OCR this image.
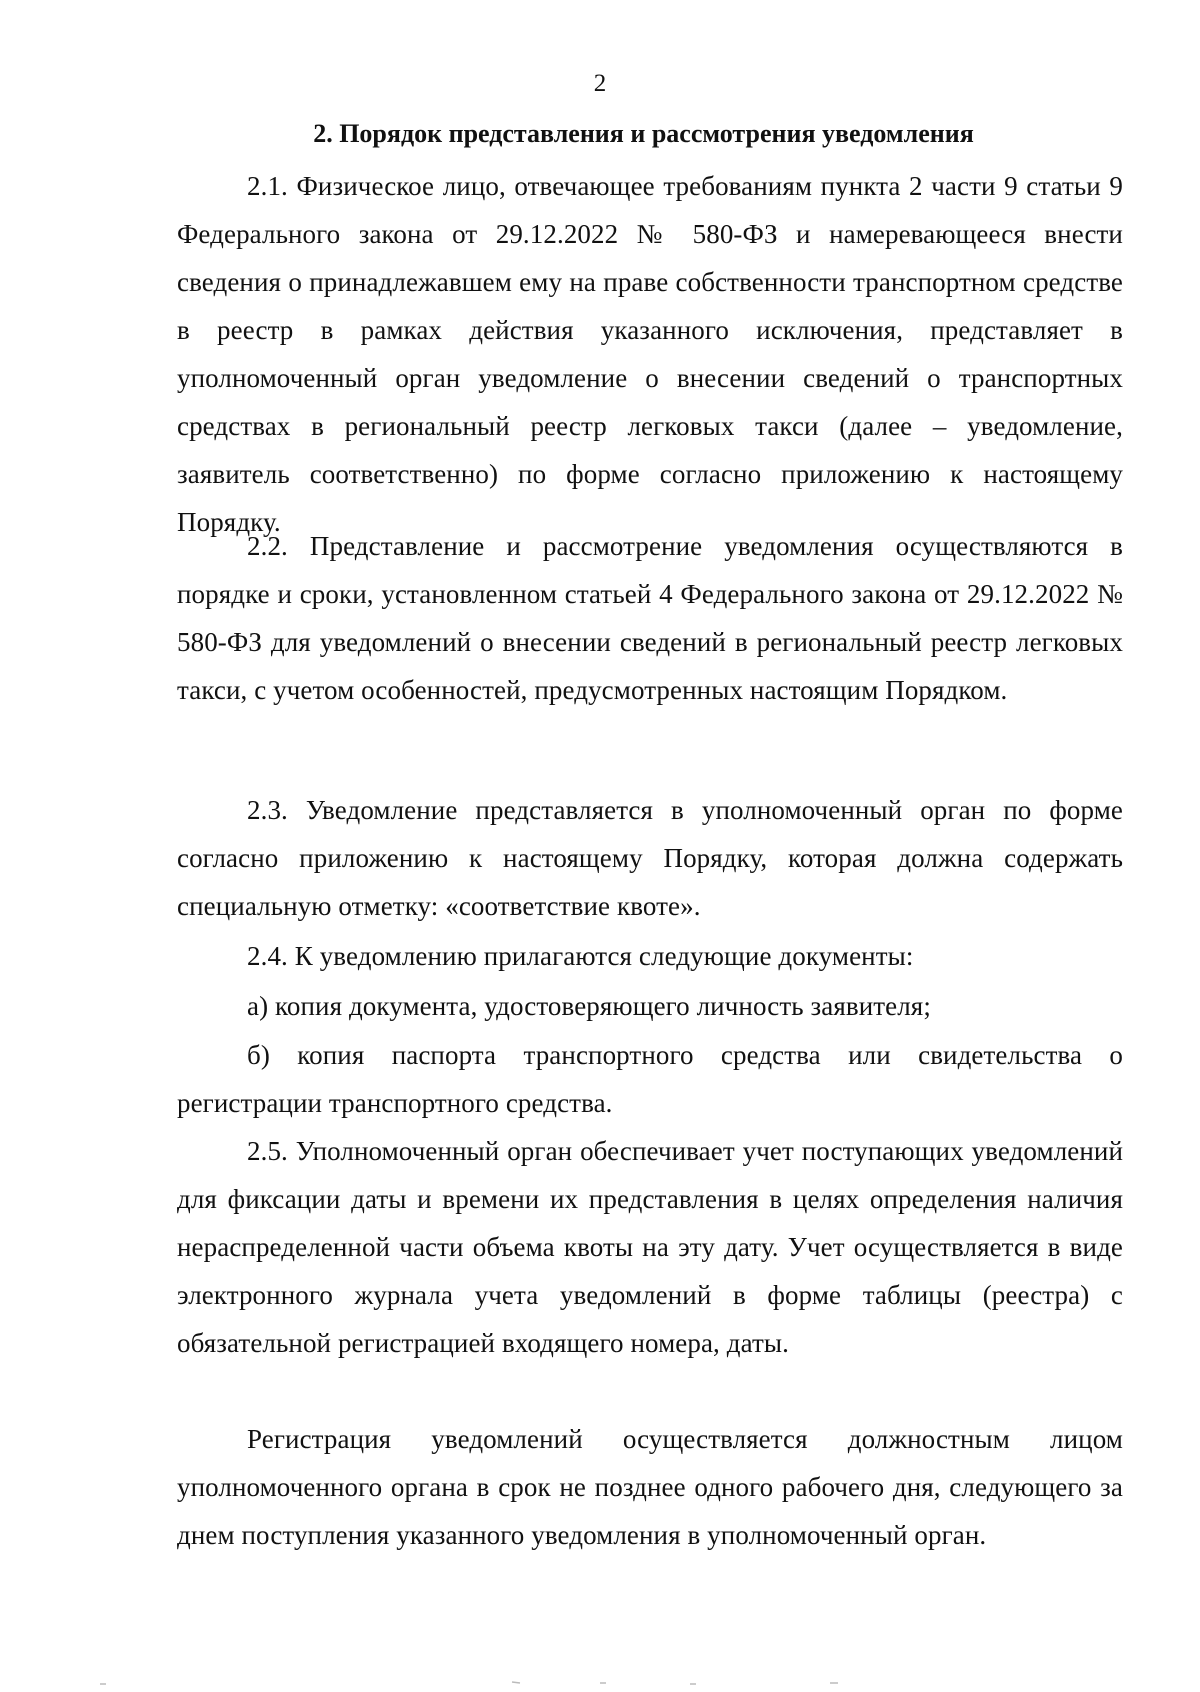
2
2. Порядок представления и рассмотрения уведомления

2.1. Физическое лицо, отвечающее требованиям пункта 2 части 9 статьи 9 Федерального закона от 29.12.2022 № 580-ФЗ и намеревающееся внести сведения о принадлежавшем ему на праве собственности транспортном средстве в реестр в рамках действия указанного исключения, представляет в уполномоченный орган уведомление о внесении сведений о транспортных средствах в региональный реестр легковых такси (далее – уведомление, заявитель соответственно) по форме согласно приложению к настоящему Порядку.

2.2. Представление и рассмотрение уведомления осуществляются в порядке и сроки, установленном статьей 4 Федерального закона от 29.12.2022 № 580-ФЗ для уведомлений о внесении сведений в региональный реестр легковых такси, с учетом особенностей, предусмотренных настоящим Порядком.

2.3. Уведомление представляется в уполномоченный орган по форме согласно приложению к настоящему Порядку, которая должна содержать специальную отметку: «соответствие квоте».

2.4. К уведомлению прилагаются следующие документы:

а) копия документа, удостоверяющего личность заявителя;

б) копия паспорта транспортного средства или свидетельства о регистрации транспортного средства.

2.5. Уполномоченный орган обеспечивает учет поступающих уведомлений для фиксации даты и времени их представления в целях определения наличия нераспределенной части объема квоты на эту дату. Учет осуществляется в виде электронного журнала учета уведомлений в форме таблицы (реестра) с обязательной регистрацией входящего номера, даты.

Регистрация уведомлений осуществляется должностным лицом уполномоченного органа в срок не позднее одного рабочего дня, следующего за днем поступления указанного уведомления в уполномоченный орган.
